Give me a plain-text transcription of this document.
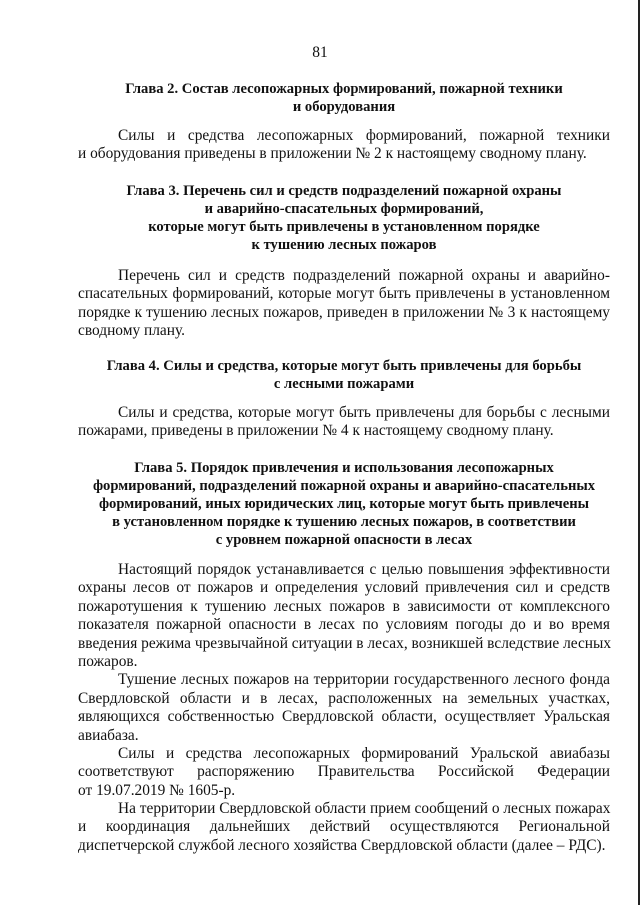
81
Глава 2. Состав лесопожарных формирований, пожарной техники
и оборудования
Силы и средства лесопожарных формирований, пожарной техники
и оборудования приведены в приложении № 2 к настоящему сводному плану.
Глава 3. Перечень сил и средств подразделений пожарной охраны
и аварийно-спасательных формирований,
которые могут быть привлечены в установленном порядке
к тушению лесных пожаров
Перечень сил и средств подразделений пожарной охраны и аварийно-
спасательных формирований, которые могут быть привлечены в установленном
порядке к тушению лесных пожаров, приведен в приложении № 3 к настоящему
сводному плану.
Глава 4. Силы и средства, которые могут быть привлечены для борьбы
с лесными пожарами
Силы и средства, которые могут быть привлечены для борьбы с лесными
пожарами, приведены в приложении № 4 к настоящему сводному плану.
Глава 5. Порядок привлечения и использования лесопожарных
формирований, подразделений пожарной охраны и аварийно-спасательных
формирований, иных юридических лиц, которые могут быть привлечены
в установленном порядке к тушению лесных пожаров, в соответствии
с уровнем пожарной опасности в лесах
Настоящий порядок устанавливается с целью повышения эффективности
охраны лесов от пожаров и определения условий привлечения сил и средств
пожаротушения к тушению лесных пожаров в зависимости от комплексного
показателя пожарной опасности в лесах по условиям погоды до и во время
введения режима чрезвычайной ситуации в лесах, возникшей вследствие лесных
пожаров.
Тушение лесных пожаров на территории государственного лесного фонда
Свердловской области и в лесах, расположенных на земельных участках,
являющихся собственностью Свердловской области, осуществляет Уральская
авиабаза.
Силы и средства лесопожарных формирований Уральской авиабазы
соответствуют распоряжению Правительства Российской Федерации
от 19.07.2019 № 1605-р.
На территории Свердловской области прием сообщений о лесных пожарах
и координация дальнейших действий осуществляются Региональной
диспетчерской службой лесного хозяйства Свердловской области (далее – РДС).
